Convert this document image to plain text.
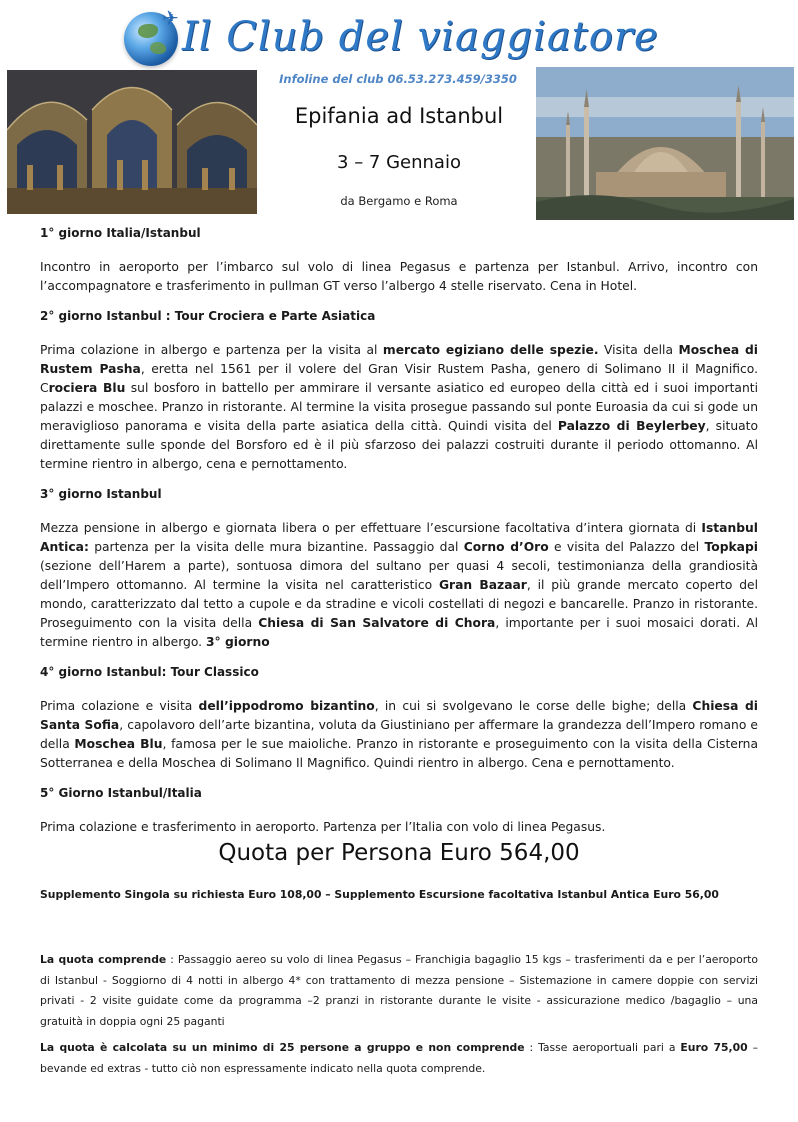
✈ Il Club del viaggiatore
Infoline del club 06.53.273.459/3350
Epifania ad Istanbul
3 – 7 Gennaio
da Bergamo e Roma
1° giorno Italia/Istanbul

Incontro in aeroporto per l’imbarco sul volo di linea Pegasus e partenza per Istanbul. Arrivo, incontro con l’accompagnatore e trasferimento in pullman GT verso l’albergo 4 stelle riservato. Cena in Hotel.

2° giorno Istanbul : Tour Crociera e Parte Asiatica

Prima colazione in albergo e partenza per la visita al mercato egiziano delle spezie. Visita della Moschea di Rustem Pasha, eretta nel 1561 per il volere del Gran Visir Rustem Pasha, genero di Solimano II il Magnifico. Crociera Blu sul bosforo in battello per ammirare il versante asiatico ed europeo della città ed i suoi importanti palazzi e moschee. Pranzo in ristorante. Al termine la visita prosegue passando sul ponte Euroasia da cui si gode un meraviglioso panorama e visita della parte asiatica della città. Quindi visita del Palazzo di Beylerbey, situato direttamente sulle sponde del Borsforo ed è il più sfarzoso dei palazzi costruiti durante il periodo ottomanno. Al termine rientro in albergo, cena e pernottamento.

3° giorno Istanbul

Mezza pensione in albergo e giornata libera o per effettuare l’escursione facoltativa d’intera giornata di Istanbul Antica: partenza per la visita delle mura bizantine. Passaggio dal Corno d’Oro e visita del Palazzo del Topkapi (sezione dell’Harem a parte), sontuosa dimora del sultano per quasi 4 secoli, testimonianza della grandiosità dell’Impero ottomanno. Al termine la visita nel caratteristico Gran Bazaar, il più grande mercato coperto del mondo, caratterizzato dal tetto a cupole e da stradine e vicoli costellati di negozi e bancarelle. Pranzo in ristorante. Proseguimento con la visita della Chiesa di San Salvatore di Chora, importante per i suoi mosaici dorati. Al termine rientro in albergo. 3° giorno

4° giorno Istanbul: Tour Classico

Prima colazione e visita dell’ippodromo bizantino, in cui si svolgevano le corse delle bighe; della Chiesa di Santa Sofia, capolavoro dell’arte bizantina, voluta da Giustiniano per affermare la grandezza dell’Impero romano e della Moschea Blu, famosa per le sue maioliche. Pranzo in ristorante e proseguimento con la visita della Cisterna Sotterranea e della Moschea di Solimano Il Magnifico. Quindi rientro in albergo. Cena e pernottamento.

5° Giorno Istanbul/Italia

Prima colazione e trasferimento in aeroporto. Partenza per l’Italia con volo di linea Pegasus.

Quota per Persona Euro 564,00
Supplemento Singola su richiesta Euro 108,00 – Supplemento Escursione facoltativa Istanbul Antica Euro 56,00
La quota comprende : Passaggio aereo su volo di linea Pegasus – Franchigia bagaglio 15 kgs – trasferimenti da e per l’aeroporto di Istanbul - Soggiorno di 4 notti in albergo 4* con trattamento di mezza pensione – Sistemazione in camere doppie con servizi privati - 2 visite guidate come da programma –2 pranzi in ristorante durante le visite - assicurazione medico /bagaglio – una gratuità in doppia ogni 25 paganti
La quota è calcolata su un minimo di 25 persone a gruppo e non comprende : Tasse aeroportuali pari a Euro 75,00 – bevande ed extras - tutto ciò non espressamente indicato nella quota comprende.
